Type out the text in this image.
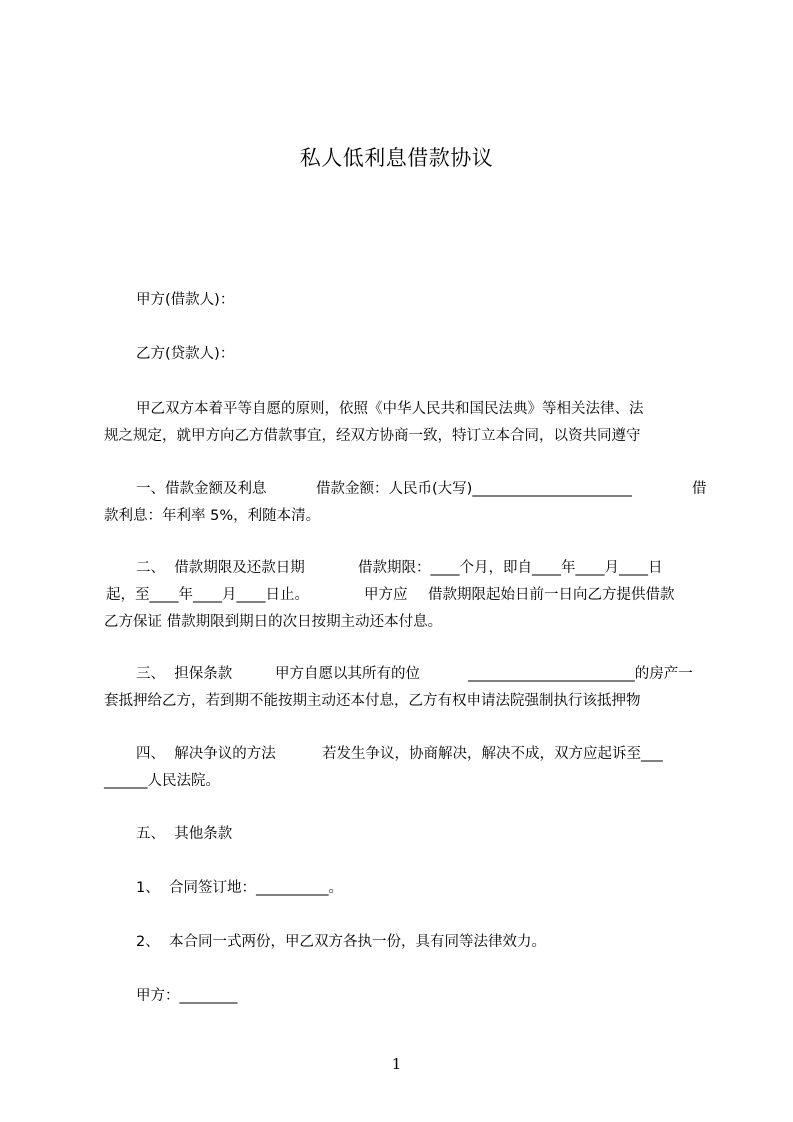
私人低利息借款协议
甲方(借款人)：
乙方(贷款人)：
甲乙双方本着平等自愿的原则，依照《中华人民共和国民法典》等相关法律、法
规之规定，就甲方向乙方借款事宜，经双方协商一致，特订立本合同，以资共同遵守
一、借款金额及利息	借款金额：人民币(大写)______________________	借
款利息：年利率 5%，利随本清。
二、  借款期限及还款日期	借款期限：____个月，即自____年____月____日
起，至____年____月____日止。	甲方应	借款期限起始日前一日向乙方提供借款
乙方保证 借款期限到期日的次日按期主动还本付息。
三、  担保条款	甲方自愿以其所有的位	_______________________的房产一
套抵押给乙方，若到期不能按期主动还本付息，乙方有权申请法院强制执行该抵押物
四、  解决争议的方法	若发生争议，协商解决，解决不成，双方应起诉至___
______人民法院。
五、  其他条款
1、  合同签订地：__________。
2、  本合同一式两份，甲乙双方各执一份，具有同等法律效力。
甲方：________
1
